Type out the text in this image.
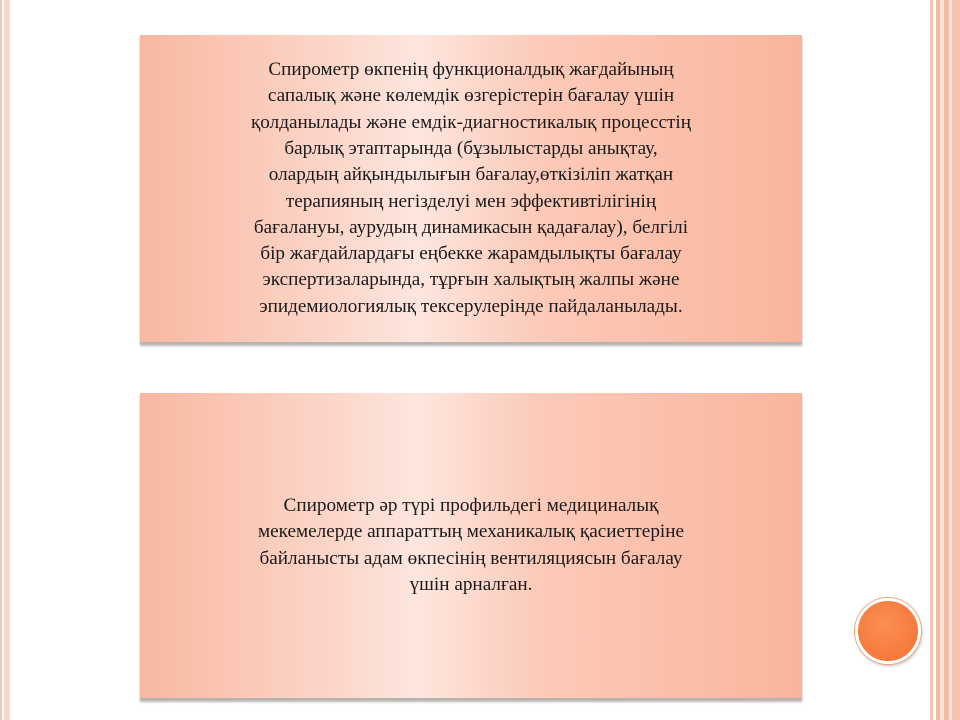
Спирометр өкпенің функционалдық жағдайының
сапалық және көлемдік өзгерістерін бағалау үшін
қолданылады және емдік-диагностикалық процесстің
барлық этаптарында (бұзылыстарды анықтау,
олардың айқындылығын бағалау,өткізіліп жатқан
терапияның негізделуі мен эффективтілігінің
бағалануы, аурудың динамикасын қадағалау), белгілі
бір жағдайлардағы еңбекке жарамдылықты бағалау
экспертизаларында, тұрғын халықтың жалпы және
эпидемиологиялық тексерулерінде пайдаланылады.

Спирометр әр түрі профильдегі медициналық
мекемелерде аппараттың механикалық қасиеттеріне
байланысты адам өкпесінің вентиляциясын бағалау
үшін арналған.
